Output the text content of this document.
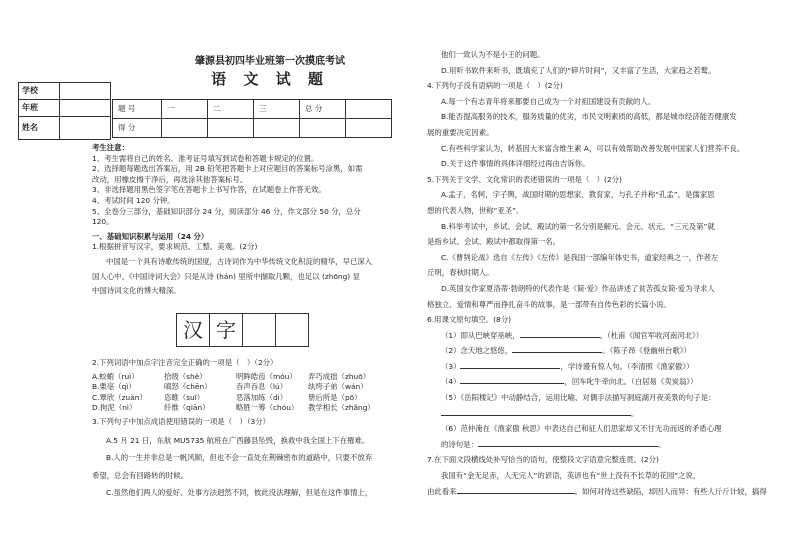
学校	
年班	
姓名	
肇源县初四毕业班第一次摸底考试
语 文 试 题
题 号	一	二	三	总 分	
得 分					
考生注意：
1、考生需将自己的姓名、准考证号填写到试卷和答题卡规定的位置。
2、选择题每题选出答案后，用 2B 铅笔把答题卡上对应题目的答案标号涂黑，如需
改动，用橡皮擦干净后，再选涂其他答案标号。
3、非选择题用黑色签字笔在答题卡上书写作答，在试题卷上作答无效。
4、考试时间 120 分钟。
5、全卷分三部分，基础知识部分 24 分，阅读部分 46 分，作文部分 50 分，总分
120。
一、基础知识积累与运用（24 分）
1.根据拼音写汉字，要求规范、工整、美观。(2分)
中国是一个具有诗歌传统的国度，古诗词作为中华传统文化积淀的精华，早已深入
国人心中。《中国诗词大会》只是从诗 (hán) 里所中撷取几颗，也足以 (zhōng) 显
中国诗词文化的博大精深。
汉 字
2.下列词语中加点字注音完全正确的一项是（　）（2分）
A.蛟蛸（ruì）	拾级（shè）	明眸皓齿（móu）	弄巧成拙（zhuō）
B.栗亳（qì）	嗔怒（chēn）	吞声吞息（lú）	纨绔子弟（wán）
C.覃欣（zuàn）	恣睢（suī）	恶落加练（dì）	册后所是（pō）
D.拘泥（nì）	纤维（qiān）	略胜一筹（chóu）	教学相长（zhǎng）
3.下列句子中加点成语使用错误的一项是（　）（3分）
A.5 月 21 日，东航 MU5735 航班在广西藤县坠毁，换救中我全国上下在罹难。
B.人的一生并非总是一帆风顺，但也不会一直处在荆棘密布的道路中，只要不放弃
希望，总会有回路转的时候。
C.虽然他们两人的爱好、处事方法迥然不同，彼此没法理解，但是在这件事情上，
他们一致认为不是小王的问题。
D.用听书软件来听书，既填充了人们的“碎片时间”，又丰富了生活，大家趋之若鹜。
4.下列句子没有语病的一项是（　）(2分)
A.每一个有志青年将来都要自己成为一个对祖国建设有贡献的人。
B.能否提高服务的技术，服务质量的优劣，市民文明素质的高低，都是城市经济能否健康发
展的重要决定因素。
C.有些科学家认为，转基因大米富含维生素 A，可以有效帮助改善发展中国家人们营养不良。
D.关于这件事情的具体详细经过再由吉诉你。
5.下列关于文学、文化常识的表述错误的一项是（　）(2分)
A.孟子，名轲，字子舆，战国时期的思想家、教育家，与孔子并称“孔孟”，是儒家思
想的代表人物，世称“亚圣”。
B.科举考试中，乡试、会试、殿试的第一名分别是解元、会元、状元，“三元及第”就
是指乡试、会试、殿试中都取得第一名。
C.《曹刿论战》选自《左传》《左传》是我国一部编年体史书，道家经典之一，作者左
丘明，春秋时期人。
D.英国女作家夏洛蒂·勃朗特的代表作是《简·爱》作品讲述了贫苦孤女简·爱为寻求人
格独立、爱情和尊严而挣扎奋斗的故事，是一部带有自传色彩的长篇小说。
6.用课文原句填空。(8分)
（1）即从巴峡穿巫峡，	。（杜甫《闻官军收河南河北》）
（2）念天地之悠悠，	。（陈子昂《登幽州台歌》）
（3）	，学诗谩有惊人句。（李清照《渔家傲》）
（4）	，回车叱牛牵向北。（白居易《卖炭翁》）
（5）《岳阳楼记》中动静结合，运用比喻、对偶手法描写洞庭湖月夜美景的句子是：
。
（6）范仲淹在《渔家傲 秋思》中表达自己和征人们思家却又不甘无功而返的矛盾心理
的诗句是：	。
7.在下面文段横线处补写恰当的语句，使整段文字语意完整连贯。(2分)
我国有“金无足赤，人无完人”的谚语，英谚也有“世上没有不长草的花园”之说，
由此看来	。如何对待这些缺陷，却因人而异：有些人斤斤计较，搞得
